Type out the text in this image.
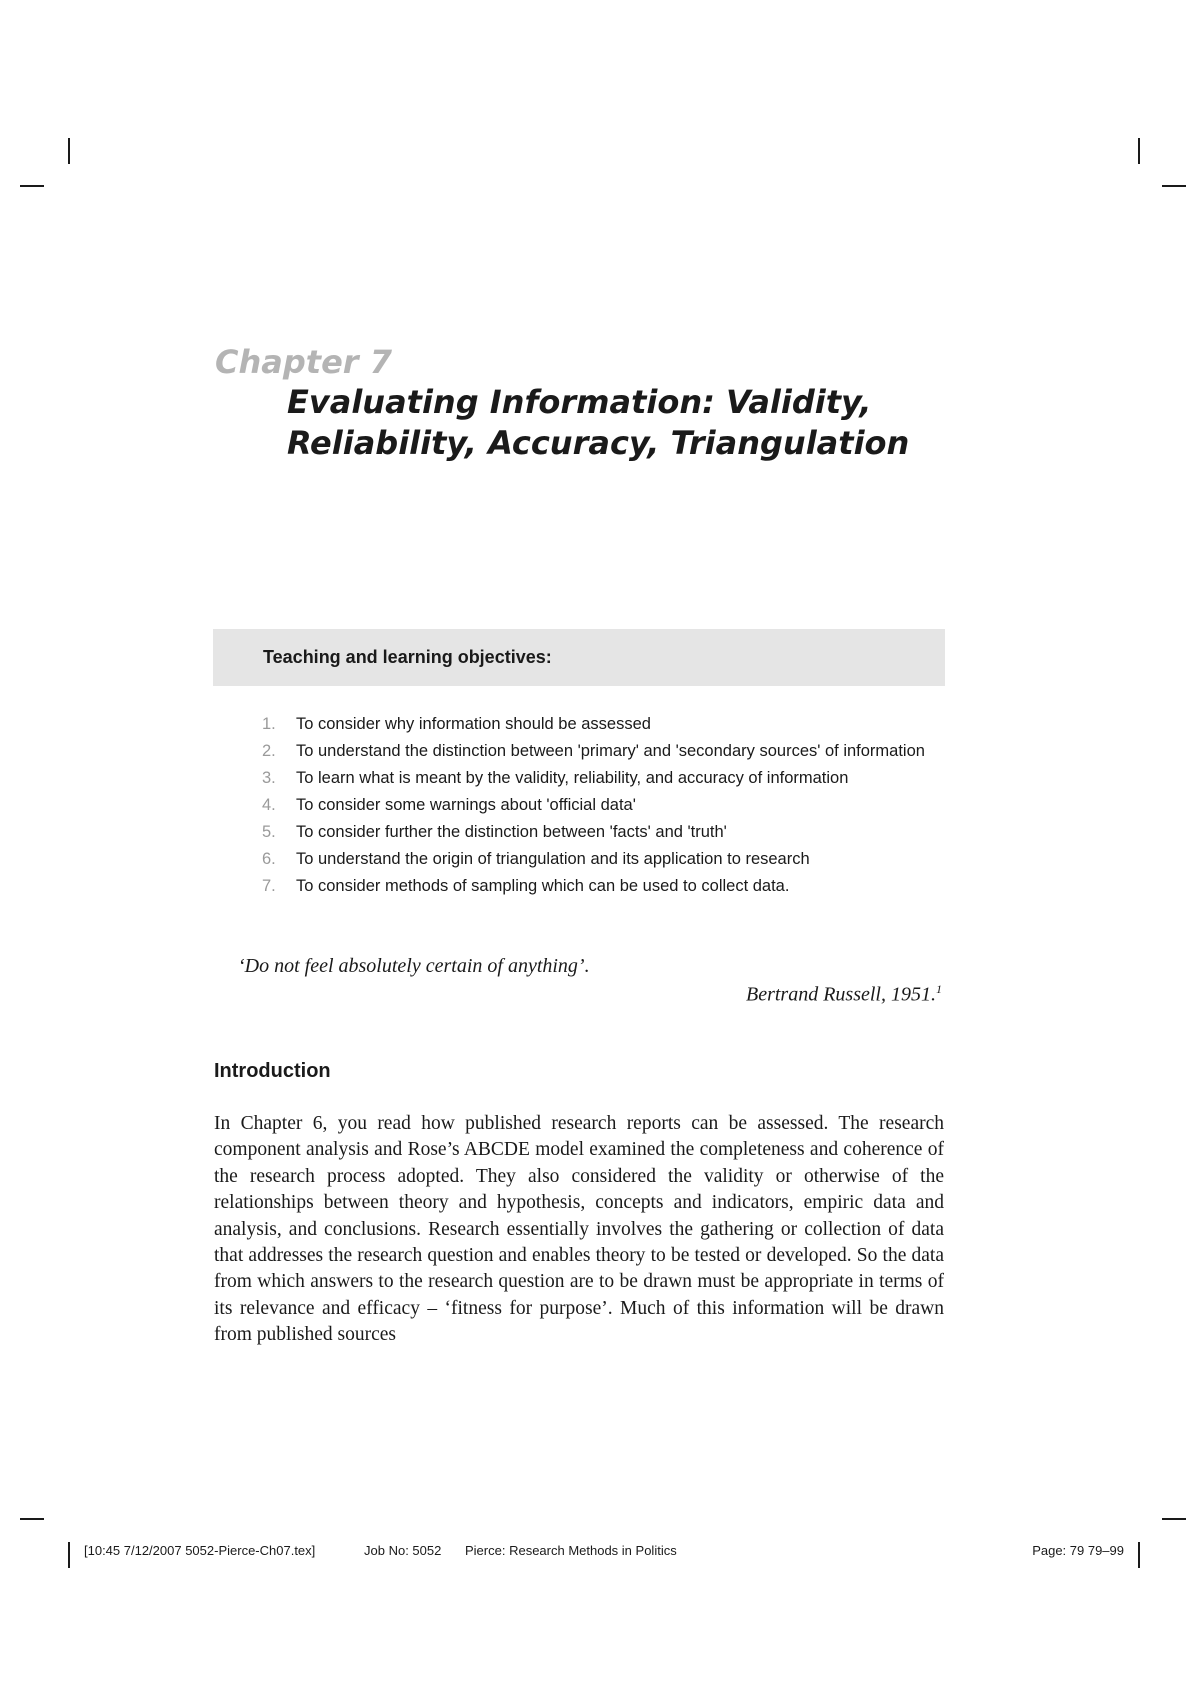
Chapter 7
Evaluating Information: Validity, Reliability, Accuracy, Triangulation
Teaching and learning objectives:
1. To consider why information should be assessed
2. To understand the distinction between 'primary' and 'secondary sources' of information
3. To learn what is meant by the validity, reliability, and accuracy of information
4. To consider some warnings about 'official data'
5. To consider further the distinction between 'facts' and 'truth'
6. To understand the origin of triangulation and its application to research
7. To consider methods of sampling which can be used to collect data.

‘Do not feel absolutely certain of anything’.

Bertrand Russell, 1951.$^1$

Introduction

In Chapter 6, you read how published research reports can be assessed. The research component analysis and Rose’s ABCDE model examined the completeness and coherence of the research process adopted. They also considered the validity or otherwise of the relationships between theory and hypothesis, concepts and indicators, empiric data and analysis, and conclusions. Research essentially involves the gathering or collection of data that addresses the research question and enables theory to be tested or developed. So the data from which answers to the research question are to be drawn must be appropriate in terms of its relevance and efficacy – ‘fitness for purpose’. Much of this information will be drawn from published sources

[10:45 7/12/2007 5052-Pierce-Ch07.tex]	Job No: 5052 Pierce: Research Methods in Politics	Page: 79 79–99
